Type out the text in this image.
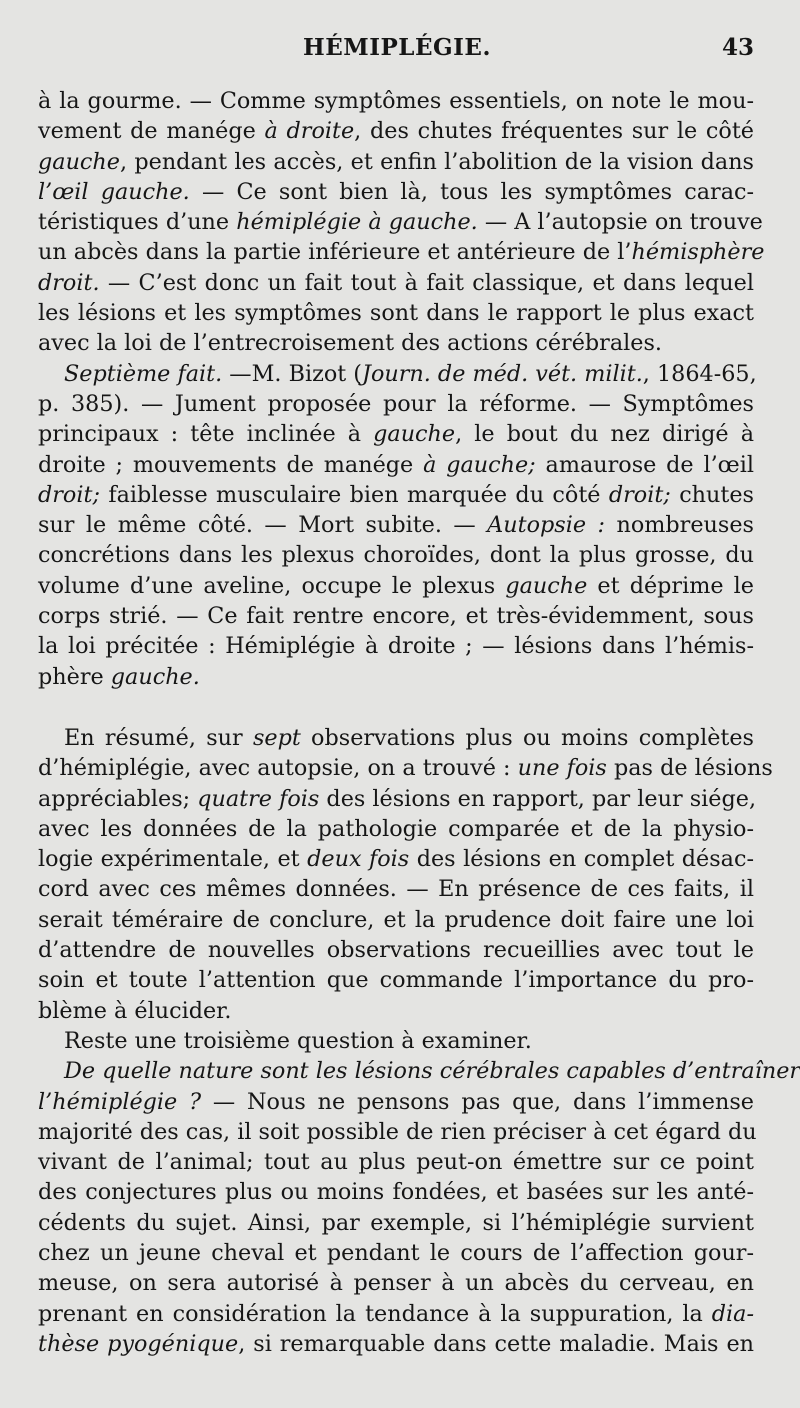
HÉMIPLÉGIE.	43
à la gourme. — Comme symptômes essentiels, on note le mou-
vement de manége à droite, des chutes fréquentes sur le côté
gauche, pendant les accès, et enfin l’abolition de la vision dans
l’œil gauche. — Ce sont bien là, tous les symptômes carac-
téristiques d’une hémiplégie à gauche. — A l’autopsie on trouve
un abcès dans la partie inférieure et antérieure de l’hémisphère
droit. — C’est donc un fait tout à fait classique, et dans lequel
les lésions et les symptômes sont dans le rapport le plus exact
avec la loi de l’entrecroisement des actions cérébrales.
Septième fait. —M. Bizot (Journ. de méd. vét. milit., 1864-65,
p. 385). — Jument proposée pour la réforme. — Symptômes
principaux : tête inclinée à gauche, le bout du nez dirigé à
droite ; mouvements de manége à gauche; amaurose de l’œil
droit; faiblesse musculaire bien marquée du côté droit; chutes
sur le même côté. — Mort subite. — Autopsie : nombreuses
concrétions dans les plexus choroïdes, dont la plus grosse, du
volume d’une aveline, occupe le plexus gauche et déprime le
corps strié. — Ce fait rentre encore, et très-évidemment, sous
la loi précitée : Hémiplégie à droite ; — lésions dans l’hémis-
phère gauche.
En résumé, sur sept observations plus ou moins complètes
d’hémiplégie, avec autopsie, on a trouvé : une fois pas de lésions
appréciables; quatre fois des lésions en rapport, par leur siége,
avec les données de la pathologie comparée et de la physio-
logie expérimentale, et deux fois des lésions en complet désac-
cord avec ces mêmes données. — En présence de ces faits, il
serait téméraire de conclure, et la prudence doit faire une loi
d’attendre de nouvelles observations recueillies avec tout le
soin et toute l’attention que commande l’importance du pro-
blème à élucider.
Reste une troisième question à examiner.
De quelle nature sont les lésions cérébrales capables d’entraîner
l’hémiplégie ? — Nous ne pensons pas que, dans l’immense
majorité des cas, il soit possible de rien préciser à cet égard du
vivant de l’animal; tout au plus peut-on émettre sur ce point
des conjectures plus ou moins fondées, et basées sur les anté-
cédents du sujet. Ainsi, par exemple, si l’hémiplégie survient
chez un jeune cheval et pendant le cours de l’affection gour-
meuse, on sera autorisé à penser à un abcès du cerveau, en
prenant en considération la tendance à la suppuration, la dia-
thèse pyogénique, si remarquable dans cette maladie. Mais en
